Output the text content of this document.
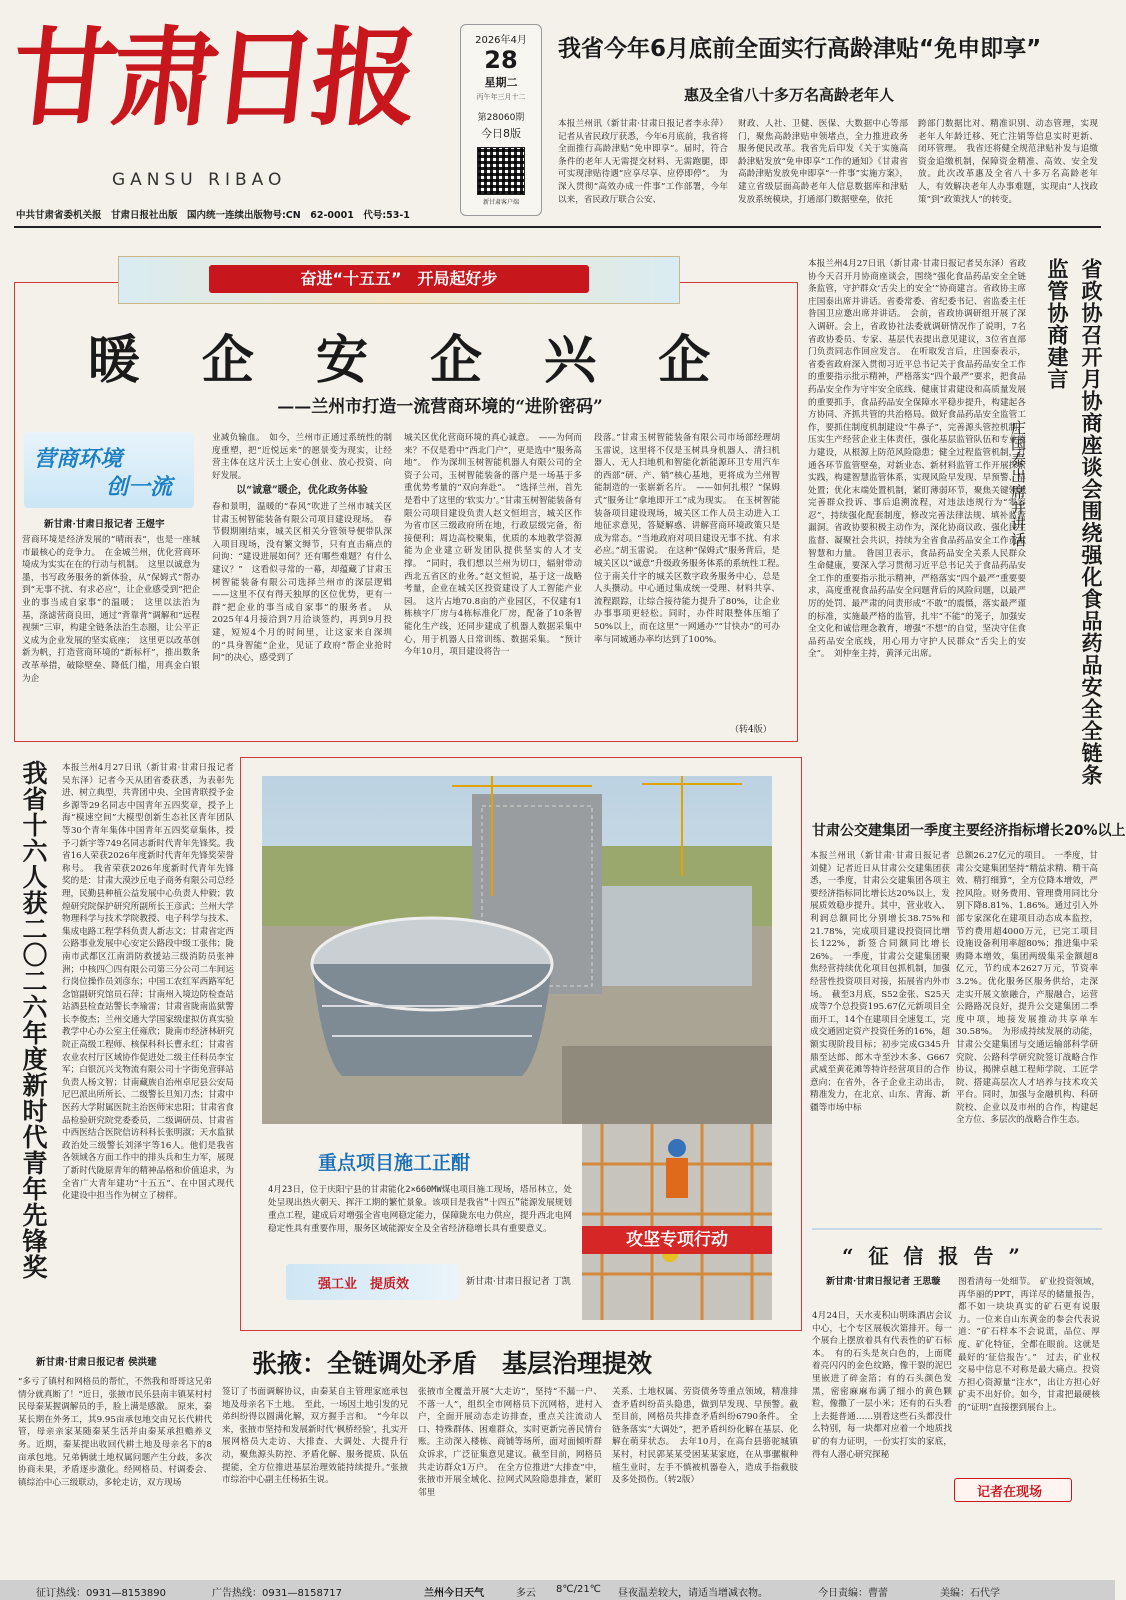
甘肃日报
GANSU RIBAO
2026年4月
28
星期二
丙午年三月十二
第28060期
今日8版
新甘肃客户端
我省今年6月底前全面实行高龄津贴“免申即享”
惠及全省八十多万名高龄老年人
本报兰州讯（新甘肃·甘肃日报记者李永萍）记者从省民政厅获悉，今年6月底前，我省将全面推行高龄津贴“免申即享”。届时，符合条件的老年人无需提交材料、无需跑腿，即可实现津贴待遇“应享尽享、应停即停”。　为深入贯彻“高效办成一件事”工作部署，今年以来，省民政厅联合公安、
财政、人社、卫健、医保、大数据中心等部门，聚焦高龄津贴申领堵点，全力推进政务服务便民改革。我省先后印发《关于实施高龄津贴发放“免申即享”工作的通知》《甘肃省高龄津贴发放免申即享“一件事”实施方案》，建立省级层面高龄老年人信息数据库和津贴发放系统模块，打通部门数据壁垒，依托
跨部门数据比对、精准识别、动态管理，实现老年人年龄迁移、死亡注销等信息实时更新、闭环管理。　我省还将健全规范津贴补发与追缴资金追缴机制，保障资金精准、高效、安全发放。此次改革惠及全省八十多万名高龄老年人，有效解决老年人办事难题，实现由“人找政策”到“政策找人”的转变。
中共甘肃省委机关报　甘肃日报社出版　国内统一连续出版物号:CN　62-0001　代号:53-1
奋进“十五五”　开局起好步
暖 企 安 企 兴 企
——兰州市打造一流营商环境的“进阶密码”
营商环境
创一流
新甘肃·甘肃日报记者 王煜宇
营商环境是经济发展的“晴雨表”，也是一座城市最核心的竞争力。　在金城兰州，优化营商环境成为实实在在的行动与机制。　这里以诚意为墨，书写政务服务的新体验，从“保姆式”帮办到“无事不扰、有求必应”，让企业感受到“把企业的事当成自家事”的温暖；　这里以法治为基，涤滤营商良田，通过“背靠背”调解和“远程视频”三审，构建全链条法治生态圈，让公平正义成为企业发展的坚实底座；　这里更以改革创新为帆，打造营商环境的“新标杆”，推出数条改革举措，破除壁垒、降低门槛，用真金白银为企
业减负输血。　如今，兰州市正通过系统性的制度重塑，把“近悦远来”的愿景变为现实，让经营主体在这片沃土上安心创业、放心投资、向好发展。
以“诚意”暖企，优化政务体验
春和景明，温暖的“春风”吹进了兰州市城关区甘肃玉树智能装备有限公司项目建设现场。　春节假期刚结束，城关区相关分管领导便带队深入项目现场，没有繁文缛节，只有直击痛点的问询：“建设进展如何？还有哪些难题？有什么建议？”　这看似寻常的一幕，却蕴藏了甘肃玉树智能装备有限公司选择兰州市的深层逻辑——这里不仅有得天独厚的区位优势，更有一群“把企业的事当成自家事”的服务者。　从2025年4月接洽到7月洽谈签约，再到9月投建，短短4个月的时间里，让这家来自深圳的“具身智能”企业，见证了政府“帮企业抢时间”的决心，感受到了
城关区优化营商环境的真心诚意。　——为何而来？不仅是看中“西北门户”，更是选中“服务高地”。　作为深圳玉树智能机器人有限公司的全资子公司，玉树智能装备的落户是一场基于多重优势考量的“双向奔赴”。　“选择兰州，首先是看中了这里的‘软实力’。”甘肃玉树智能装备有限公司项目建设负责人赵文恒坦言，城关区作为省市区三级政府所在地，行政层级完备，衔接便利；周边高校聚集，优质的本地教学资源能为企业建立研发团队提供坚实的人才支撑。　“同时，我们想以兰州为切口，辐射带动西北五省区的业务。”赵文恒说，基于这一战略考量，企业在城关区投资建设了人工智能产业园。　这片占地70.8亩的产业园区，不仅建有1栋核字厂房与4栋标准化厂房，配备了10条智能化生产线，还同步建成了机器人数据采集中心，用于机器人日常训练、数据采集。　“预计今年10月，项目建设将告一
段落。”甘肃玉树智能装备有限公司市场部经理胡玉雷说，这里将不仅是玉树具身机器人、清扫机器人、无人扫地机和智能化新能源环卫专用汽车的西部“研、产、销”核心基地，更将成为兰州智能制造的一张崭新名片。　——如何扎根？“保姆式”服务让“拿地即开工”成为现实。　在玉树智能装备项目建设现场，城关区工作人员主动进入工地征求意见，答疑解惑、讲解营商环境政策只是成为常态。“当地政府对项目建设无事不扰、有求必应。”胡玉雷说。　在这种“保姆式”服务背后，是城关区以“诚意”升级政务服务体系的系统性工程。　位于南关什字的城关区数字政务服务中心，总是人头攒动。中心通过集成统一受理、材料共享、流程跟踪，让综合接待能力提升了80%，让企业办事事项更轻松。同时，办件时限整体压缩了50%以上，而在这里“一网通办”“甘快办”的可办率与同城通办率均达到了100%。
（转4版）
本报兰州4月27日讯（新甘肃·甘肃日报记者吴东泽）省政协今天召开月协商座谈会，围绕“强化食品药品安全全链条监管，守护群众‘舌尖上的安全’”协商建言。省政协主席庄国泰出席并讲话。省委常委、省纪委书记、省监委主任昝国卫应邀出席并讲话。　会前，省政协调研组开展了深入调研。会上，省政协社法委就调研情况作了说明，7名省政协委员、专家、基层代表提出意见建议，3位省直部门负责同志作回应发言。　在听取发言后，庄国泰表示，省委省政府深入贯彻习近平总书记关于食品药品安全工作的重要指示批示精神，严格落实“四个最严”要求，把食品药品安全作为守牢安全底线、健康甘肃建设和高质量发展的重要抓手，食品药品安全保障水平稳步提升，构建起各方协同、齐抓共管的共治格局。做好食品药品安全监管工作，要抓住制度机制建设“牛鼻子”，完善源头管控机制，压实生产经营企业主体责任，强化基层监管队伍和专业能力建设，从根源上防范风险隐患；健全过程监管机制，打通各环节监管壁垒，对新业态、新材料监管工作开展探索实践，构建智慧监管体系，实现风险早发现、早预警、早处置；优化末端处置机制，紧盯薄弱环节，聚焦关键领域完善群众投诉、事后追溯流程，对违法违规行为“零容忍”，持续强化配套制度，修改完善法律法规、填补监管漏洞。省政协要积极主动作为，深化协商议政、强化民主监督、凝聚社会共识，持续为全省食品药品安全工作贡献智慧和力量。　昝国卫表示，食品药品安全关系人民群众生命健康，要深入学习贯彻习近平总书记关于食品药品安全工作的重要指示批示精神，严格落实“四个最严”重要要求，高度重视食品药品安全问题背后的风险问题，以最严厉的处罚、最严肃的问责形成“不敢”的震慑，落实最严谨的标准，实施最严格的监管，扎牢“不能”的笼子，加强安全文化和诚信理念教育，增强“不想”的自觉，坚决守住食品药品安全底线，用心用力守护人民群众“舌尖上的安全”。　刘仲奎主持，黄泽元出席。	省政协召开月协商座谈会围绕强化食品药品安全全链条监管协商建言
庄国泰出席并讲话
我省十六人获二〇二六年度新时代青年先锋奖 本报兰州4月27日讯（新甘肃·甘肃日报记者吴东泽）记者今天从团省委获悉，为表彰先进、树立典型，共青团中央、全国青联授予金乡源等29名同志中国青年五四奖章，授予上海“模速空间”大模型创新生态社区青年团队等30个青年集体中国青年五四奖章集体，授予刁新宇等749名同志新时代青年先锋奖。我省16人荣获2026年度新时代青年先锋奖荣誉称号。　我省荣获2026年度新时代青年先锋奖的是：甘肃大漠沙丘电子商务有限公司总经理，民勤县种植公益发展中心负责人仲毅；敦煌研究院保护研究所副所长王彦武；兰州大学物理科学与技术学院教授、电子科学与技术、集成电路工程学科负责人新志文；甘肃省定西公路事业发展中心安定公路段中级工张伟；陇南市武都区江南消防救援站三级消防员张神洲；中核四〇四有限公司第三分公司二车间运行岗位操作员刘彦东；中国工农红军西路军纪念馆副研究馆员石萍；甘南州入境边防检查站站酒县检查站警长李瑜雷；甘肃省陇南监狱警长李俊杰；兰州交通大学国家级虚拟仿真实验教学中心办公室主任雍欣；陇南市经济林研究院正高级工程师、核保科科长曹永红；甘肃省农业农村厅区域协作促进处二级主任科员李宝军；白银沉兴戈物流有限公司十字街免营驿站负责人杨文智；甘南藏族自治州卓尼县公安局尼巴派出所所长、二级警长旦知刀杰；甘肃中医药大学附属医院主治医师宋忠阳；甘肃省食品检验研究院党委委员，二级调研员、甘肃省中西医结合医院信访科科长张明淑；天水监狱政治处三级警长刘泽宇等16人。他们是我省各领域各方面工作中的排头兵和生力军，展现了新时代陇原青年的精神品格和价值追求，为全省广大青年建功“十五五”、在中国式现代化建设中担当作为树立了榜样。
攻坚专项行动
重点项目施工正酣
4月23日，位于庆阳宁县的甘肃能化2×660MW煤电项目施工现场，塔吊林立，处处呈现出热火朝天、挥汗工期的繁忙景象。该项目是我省“十四五”能源发展规划重点工程，建成后对增强全省电网稳定能力，保障陇东电力供应，提升西北电网稳定性具有重要作用，服务区域能源安全及全省经济稳增长具有重要意义。
新甘肃·甘肃日报记者 丁凯
强工业　提质效
甘肃公交建集团一季度主要经济指标增长20%以上
本报兰州讯（新甘肃·甘肃日报记者刘健）记者近日从甘肃公交建集团获悉，一季度，甘肃公交建集团各项主要经济指标同比增长达20%以上，发展质效稳步提升。其中，营业收入、利润总额同比分别增长38.75%和21.78%，完成项目建设投资同比增长122%，新签合同额同比增长26%。　一季度，甘肃公交建集团聚焦经营持续优化项目包抓机制，加强经营性投资项目对接，拓展省内外市场。　截至3月底，S52金张、S25天成等7个总投资195.67亿元新项目全面开工，14个在建项目全速复工，完成交通固定资产投资任务的16%，超额实现阶段目标；初步完成G345升鼎至达郎、郎木寺至沙木多、G667武威至黄花滩等特许经营项目的合作意向；在省外，各子企业主动出击，精准发力，在北京、山东、青海、新疆等市场中标
总额26.27亿元的项目。　一季度，甘肃公交建集团坚持“精益求精、精干高效、精打细算”，全方位降本增效，严控风险。财务费用、管理费用同比分别下降8.81%、1.86%。通过引入外部专家深化在建项目动态成本监控，节约费用超4000万元，已完工项目设施设备利用率超80%；推进集中采购降本增效，集团两级集采金额超8亿元，节约成本2627万元，节资率3.2%。优化服务区服务供给，走深走实开展文旅融合，产服融合，运营公路路况良好，提升公交建集团二季度中项，地接发展推动共享单车30.58%。　为形成持续发展的动能，甘肃公交建集团与交通运输部科学研究院、公路科学研究院签订战略合作协议，揭牌卓越工程师学院、工匠学院、搭建高层次人才培养与技术攻关平台。同时，加强与金融机构、科研院校、企业以及市州的合作，构建起全方位、多层次的战略合作生态。
“ 征 信 报 告 ”
新甘肃·甘肃日报记者 王思璇
4月24日，天水麦积山明珠酒店会议中心，七个专区展板次第排开。每一个展台上摆放着具有代表性的矿石标本。　有的石头是灰白色的，上面爬着亮闪闪的金色纹路，像干裂的泥巴里嵌进了碎金箔；有的石头颜色发黑，密密麻麻布满了细小的黄色颗粒，像撒了一层小米；还有的石头看上去挺普通……别看这些石头都没什么特别，每一块都对应着一个地质找矿的有力证明，一份实打实的家底，得有人潜心研究探秘
图看清每一处细节。　矿业投资领域，再华丽的PPT，再详尽的储量报告，都不如一块块真实的矿石更有说服力。一位来自山东黄金的参会代表说道：“矿石样本不会说谎，品位、厚度、矿化特征，全都在眼前。这就是最好的‘征信报告’。”　过去，矿业权交易中信息不对称是最大痛点。投资方担心资源量“注水”，出让方担心好矿卖不出好价。如今，甘肃把最硬核的“证明”直接摆到展台上。
记者在现场
新甘肃·甘肃日报记者 侯洪建	张掖：全链调处矛盾　基层治理提效
“多亏了镇村和网格员的帮忙，不然我和哥哥这兄弟情分就真断了！”近日，张掖市民乐县南丰镇某村村民母秦某握调解员的手，脸上满是感激。　原来，秦某长期在外务工，其9.95亩承包地交由兄长代耕代管，母亲亲家某随秦某生活并由秦某承担赡养义务。近期，秦某提出收回代耕土地及母亲名下的8亩承包地。兄弟俩就土地权属问题产生分歧，多次协商未果，矛盾逐步激化。经网格员、村调委会、镇综治中心三级联动，多轮走访，双方现场
签订了书面调解协议，由秦某自主管理家庭承包地及母亲名下土地。　至此，一场因土地引发的兄弟纠纷得以圆满化解，双方握手言和。　“今年以来，张掖市坚持和发展新时代‘枫桥经验’，扎实开展网格员大走访、大排查、大调处、大提升行动，聚焦源头防控、矛盾化解、服务提质、队伍提能，全方位推进基层治理效能持续提升。”张掖市综治中心副主任杨拓生说。
张掖市全覆盖开展“大走访”，坚持“不漏一户、不落一人”，组织全市网格员下沉网格，进村入户，全面开展动态走访排查，重点关注流动人口、特殊群体、困难群众，实时更新完善民情台账。主动深入楼栋、商铺等场所，面对面倾听群众诉求，广泛征集意见建议。截至目前，网格员共走访群众1万户。　在全方位推进“大排查”中，张掖市开展全域化、拉网式风险隐患排查，紧盯邻里
关系、土地权属、劳资债务等重点领域，精准排查矛盾纠纷苗头隐患，做到早发现、早预警。截至目前，网格员共排查矛盾纠纷6790条件。　全链条落实“大调处”，把矛盾纠纷化解在基层、化解在萌芽状态。　去年10月，在高台县骆驼城镇某村，村民郭某某受困某某家庭，在从事骡椒种植生业时，左手不慎被机器卷入，造成手指截肢及多处损伤。（转2版）
征订热线：0931—8153890	广告热线：0931—8158717	兰州今日天气	多云 8℃/21℃ 昼夜温差较大，请适当增减衣物。	今日责编：曹蕾	美编：石代学
